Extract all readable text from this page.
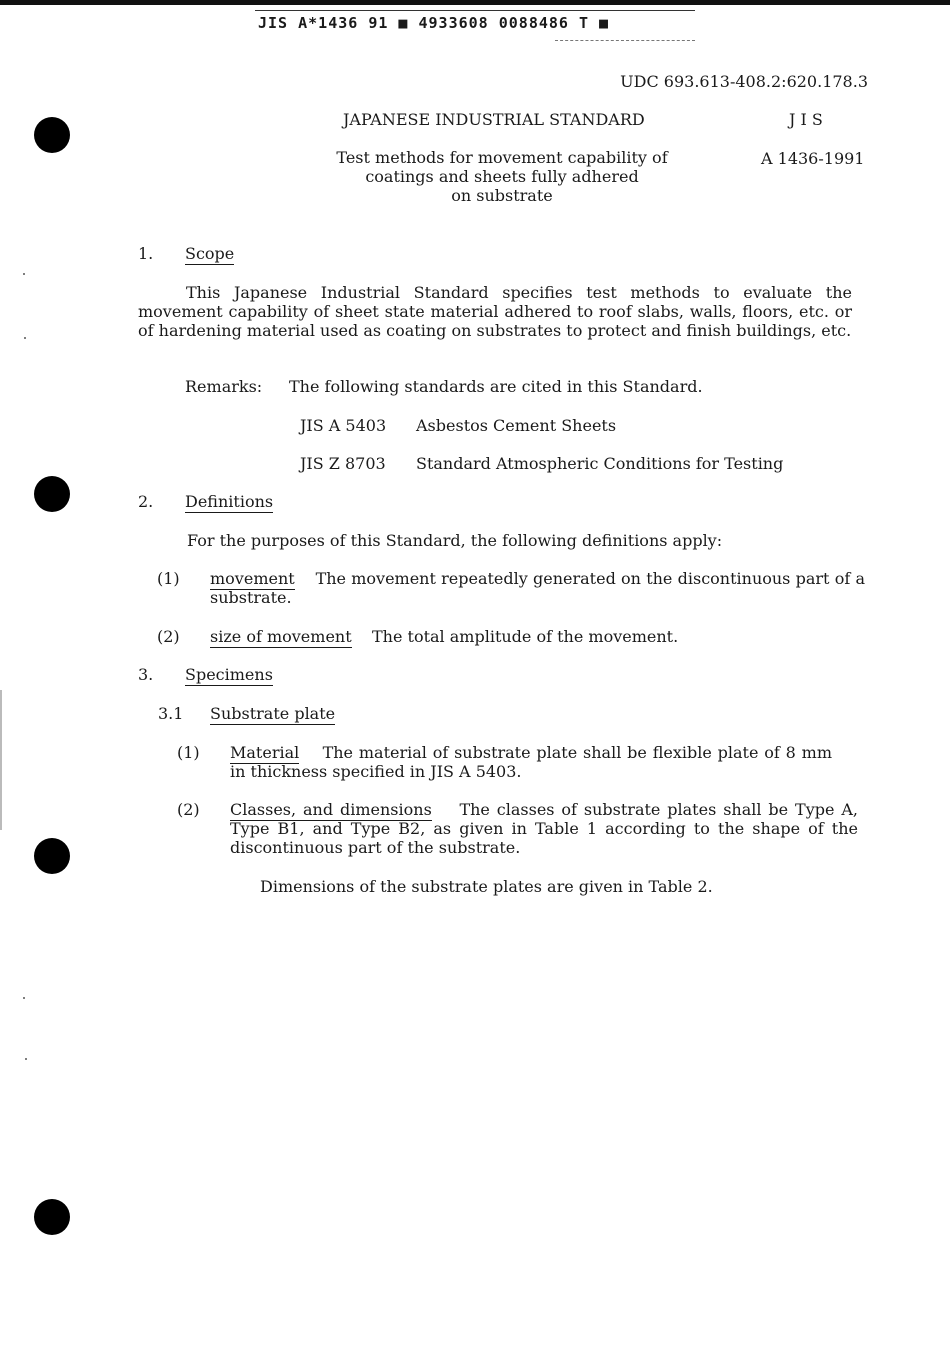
JIS A*1436 91 ■ 4933608 0088486 T ■
UDC 693.613-408.2:620.178.3
JAPANESE INDUSTRIAL STANDARD	J I S
A 1436-1991
Test methods for movement capability of
coatings and sheets fully adhered
on substrate
1. Scope
This Japanese Industrial Standard specifies test methods to evaluate the movement capability of sheet state material adhered to roof slabs, walls, floors, etc. or of hardening material used as coating on substrates to protect and finish buildings, etc.
Remarks: The following standards are cited in this Standard.
JIS A 5403 Asbestos Cement Sheets
JIS Z 8703 Standard Atmospheric Conditions for Testing
2. Definitions
For the purposes of this Standard, the following definitions apply:
(1) movement The movement repeatedly generated on the discontinuous part of a substrate.
(2) size of movement The total amplitude of the movement.
3. Specimens
3.1 Substrate plate
(1) Material The material of substrate plate shall be flexible plate of 8 mm in thickness specified in JIS A 5403.
(2) Classes, and dimensions The classes of substrate plates shall be Type A, Type B1, and Type B2, as given in Table 1 according to the shape of the discontinuous part of the substrate.
Dimensions of the substrate plates are given in Table 2.
